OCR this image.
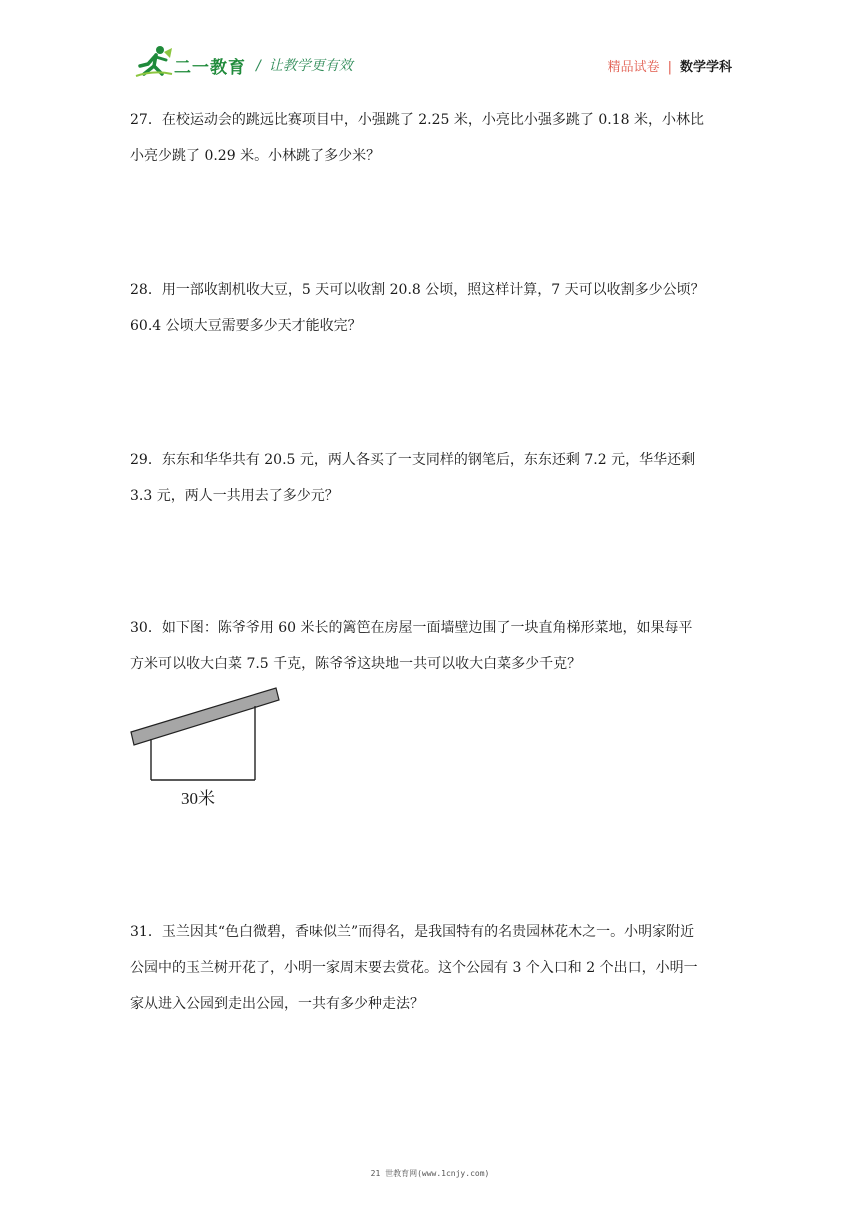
二一教育 / 让教学更有效	精品试卷 | 数学学科
27．在校运动会的跳远比赛项目中，小强跳了 2.25 米，小亮比小强多跳了 0.18 米，小林比
小亮少跳了 0.29 米。小林跳了多少米？
28．用一部收割机收大豆，5 天可以收割 20.8 公顷，照这样计算，7 天可以收割多少公顷？
60.4 公顷大豆需要多少天才能收完？
29．东东和华华共有 20.5 元，两人各买了一支同样的钢笔后，东东还剩 7.2 元，华华还剩
3.3 元，两人一共用去了多少元？
30．如下图：陈爷爷用 60 米长的篱笆在房屋一面墙壁边围了一块直角梯形菜地，如果每平
方米可以收大白菜 7.5 千克，陈爷爷这块地一共可以收大白菜多少千克？
30米
31．玉兰因其“色白微碧，香味似兰”而得名，是我国特有的名贵园林花木之一。小明家附近
公园中的玉兰树开花了，小明一家周末要去赏花。这个公园有 3 个入口和 2 个出口，小明一
家从进入公园到走出公园，一共有多少种走法？
21 世教育网(www.1cnjy.com)
